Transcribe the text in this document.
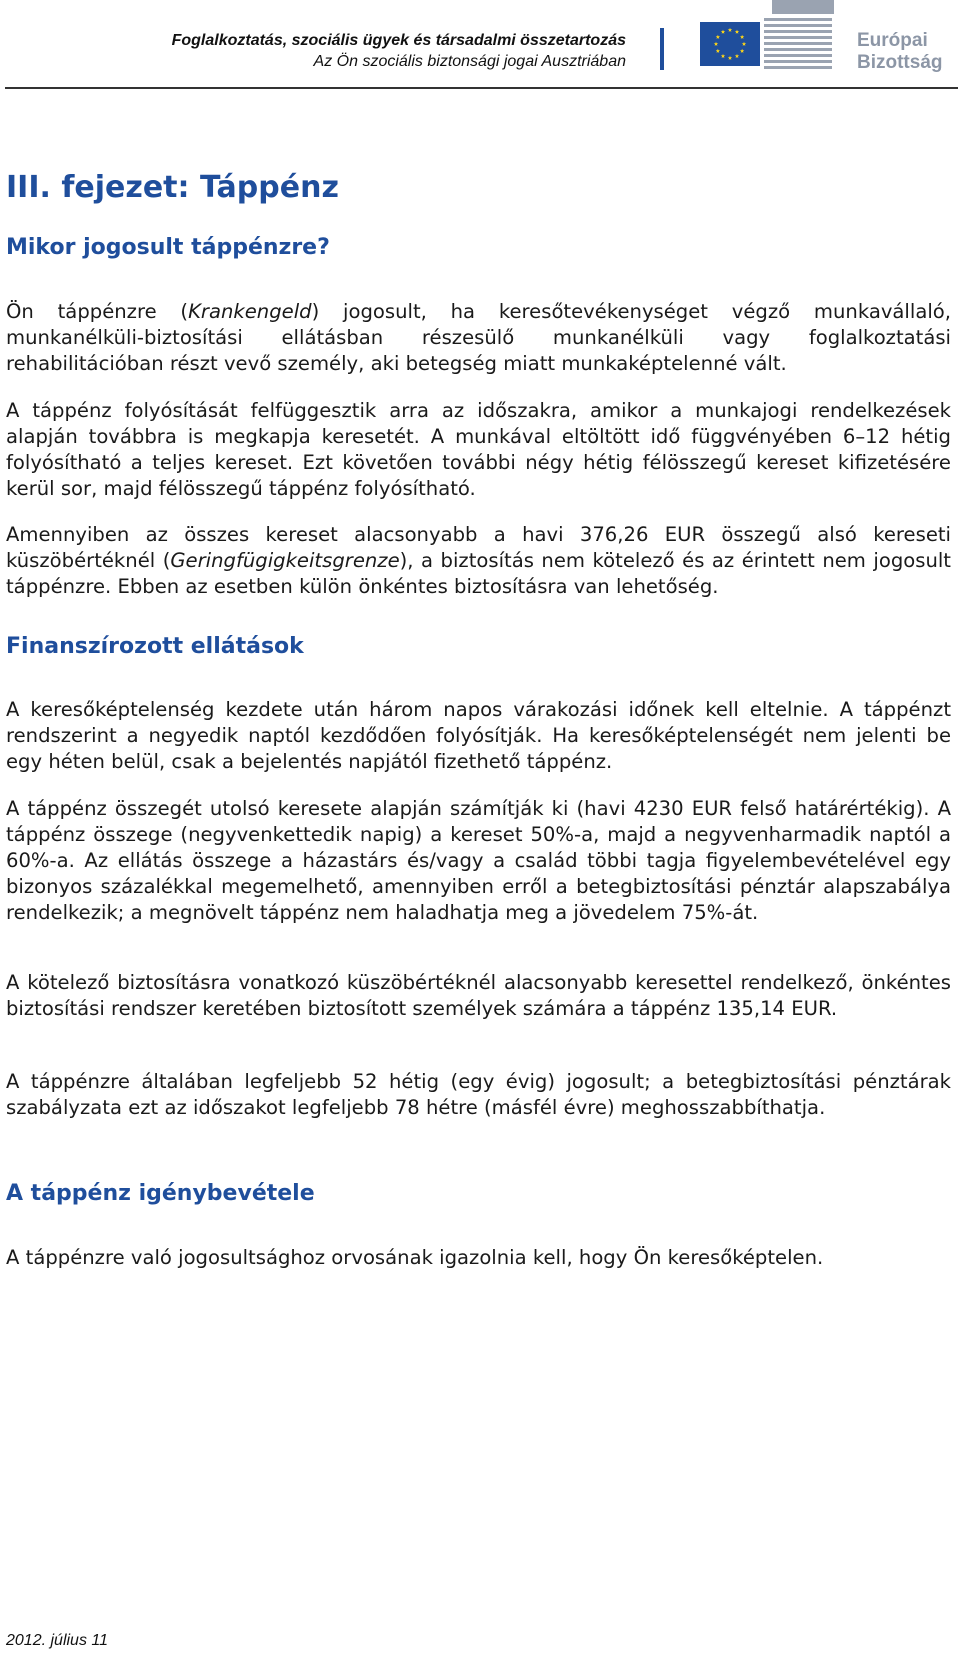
Foglalkoztatás, szociális ügyek és társadalmi összetartozás
Az Ön szociális biztonsági jogai Ausztriában
Európai
Bizottság
III. fejezet: Táppénz
Mikor jogosult táppénzre?
Ön táppénzre (Krankengeld) jogosult, ha keresőtevékenységet végző munkavállaló, munkanélküli-biztosítási ellátásban részesülő munkanélküli vagy foglalkoztatási rehabilitációban részt vevő személy, aki betegség miatt munkaképtelenné vált.
A táppénz folyósítását felfüggesztik arra az időszakra, amikor a munkajogi rendelkezések alapján továbbra is megkapja keresetét. A munkával eltöltött idő függvényében 6–12 hétig folyósítható a teljes kereset. Ezt követően további négy hétig félösszegű kereset kifizetésére kerül sor, majd félösszegű táppénz folyósítható.
Amennyiben az összes kereset alacsonyabb a havi 376,26 EUR összegű alsó kereseti küszöbértéknél (Geringfügigkeitsgrenze), a biztosítás nem kötelező és az érintett nem jogosult táppénzre. Ebben az esetben külön önkéntes biztosításra van lehetőség.
Finanszírozott ellátások
A keresőképtelenség kezdete után három napos várakozási időnek kell eltelnie. A táppénzt rendszerint a negyedik naptól kezdődően folyósítják. Ha keresőképtelenségét nem jelenti be egy héten belül, csak a bejelentés napjától fizethető táppénz.
A táppénz összegét utolsó keresete alapján számítják ki (havi 4230 EUR felső határértékig). A táppénz összege (negyvenkettedik napig) a kereset 50%-a, majd a negyvenharmadik naptól a 60%-a. Az ellátás összege a házastárs és/vagy a család többi tagja figyelembevételével egy bizonyos százalékkal megemelhető, amennyiben erről a betegbiztosítási pénztár alapszabálya rendelkezik; a megnövelt táppénz nem haladhatja meg a jövedelem 75%-át.
A kötelező biztosításra vonatkozó küszöbértéknél alacsonyabb keresettel rendelkező, önkéntes biztosítási rendszer keretében biztosított személyek számára a táppénz 135,14 EUR.
A táppénzre általában legfeljebb 52 hétig (egy évig) jogosult; a betegbiztosítási pénztárak szabályzata ezt az időszakot legfeljebb 78 hétre (másfél évre) meghosszabbíthatja.
A táppénz igénybevétele
A táppénzre való jogosultsághoz orvosának igazolnia kell, hogy Ön keresőképtelen.
2012. július 11
